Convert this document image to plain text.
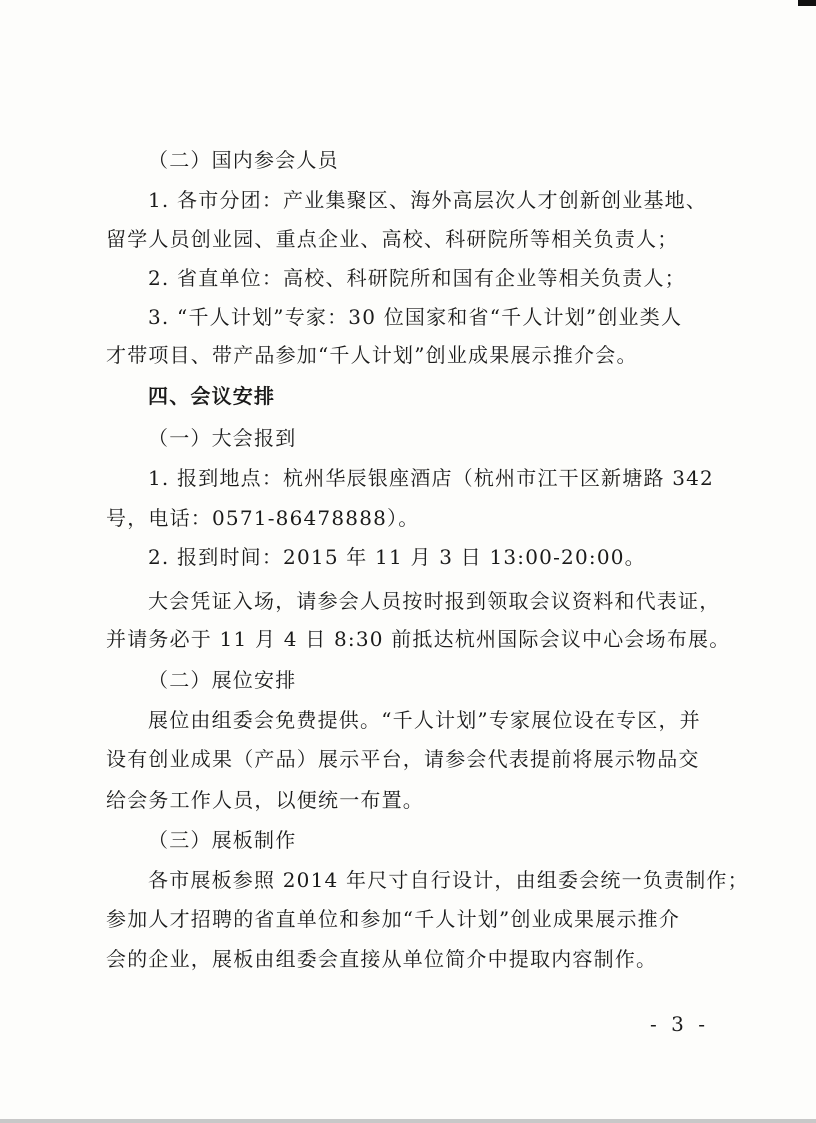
（二）国内参会人员
1. 各市分团：产业集聚区、海外高层次人才创新创业基地、
留学人员创业园、重点企业、高校、科研院所等相关负责人；
2. 省直单位：高校、科研院所和国有企业等相关负责人；
3. “千人计划”专家：30 位国家和省“千人计划”创业类人
才带项目、带产品参加“千人计划”创业成果展示推介会。
四、会议安排
（一）大会报到
1. 报到地点：杭州华辰银座酒店（杭州市江干区新塘路 342
号，电话：0571-86478888）。
2. 报到时间：2015 年 11 月 3 日 13:00-20:00。
大会凭证入场，请参会人员按时报到领取会议资料和代表证，
并请务必于 11 月 4 日 8:30 前抵达杭州国际会议中心会场布展。
（二）展位安排
展位由组委会免费提供。“千人计划”专家展位设在专区，并
设有创业成果（产品）展示平台，请参会代表提前将展示物品交
给会务工作人员，以便统一布置。
（三）展板制作
各市展板参照 2014 年尺寸自行设计，由组委会统一负责制作；
参加人才招聘的省直单位和参加“千人计划”创业成果展示推介
会的企业，展板由组委会直接从单位简介中提取内容制作。
- 3 -
